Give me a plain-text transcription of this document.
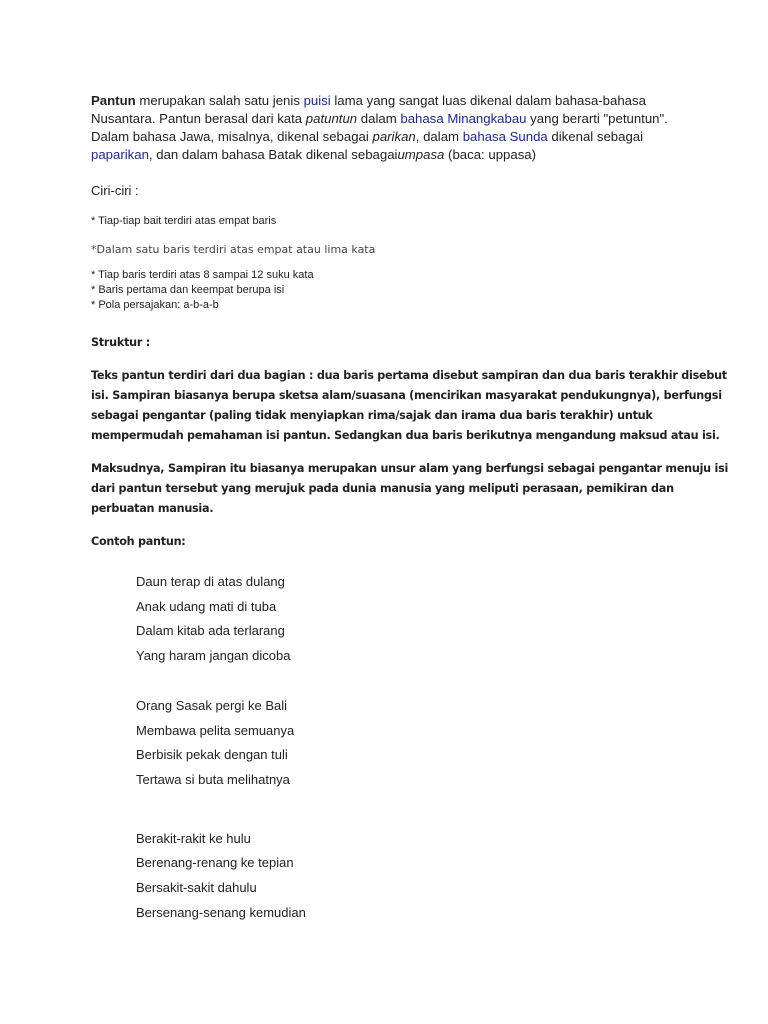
Pantun merupakan salah satu jenis puisi lama yang sangat luas dikenal dalam bahasa-bahasa Nusantara. Pantun berasal dari kata patuntun dalam bahasa Minangkabau yang berarti "petuntun". Dalam bahasa Jawa, misalnya, dikenal sebagai parikan, dalam bahasa Sunda dikenal sebagai paparikan, dan dalam bahasa Batak dikenal sebagaiumpasa (baca: uppasa)

Ciri-ciri :

* Tiap-tiap bait terdiri atas empat baris

*Dalam satu baris terdiri atas empat atau lima kata

* Tiap baris terdiri atas 8 sampai 12 suku kata

* Baris pertama dan keempat berupa isi

* Pola persajakan: a-b-a-b

Struktur :

Teks pantun terdiri dari dua bagian : dua baris pertama disebut sampiran dan dua baris terakhir disebut
isi. Sampiran biasanya berupa sketsa alam/suasana (mencirikan masyarakat pendukungnya), berfungsi
sebagai pengantar (paling tidak menyiapkan rima/sajak dan irama dua baris terakhir) untuk
mempermudah pemahaman isi pantun. Sedangkan dua baris berikutnya mengandung maksud atau isi.
Maksudnya, Sampiran itu biasanya merupakan unsur alam yang berfungsi sebagai pengantar menuju isi
dari pantun tersebut yang merujuk pada dunia manusia yang meliputi perasaan, pemikiran dan
perbuatan manusia.

Contoh pantun:

Daun terap di atas dulang
Anak udang mati di tuba
Dalam kitab ada terlarang
Yang haram jangan dicoba
Orang Sasak pergi ke Bali
Membawa pelita semuanya
Berbisik pekak dengan tuli
Tertawa si buta melihatnya
Berakit-rakit ke hulu
Berenang-renang ke tepian
Bersakit-sakit dahulu
Bersenang-senang kemudian
